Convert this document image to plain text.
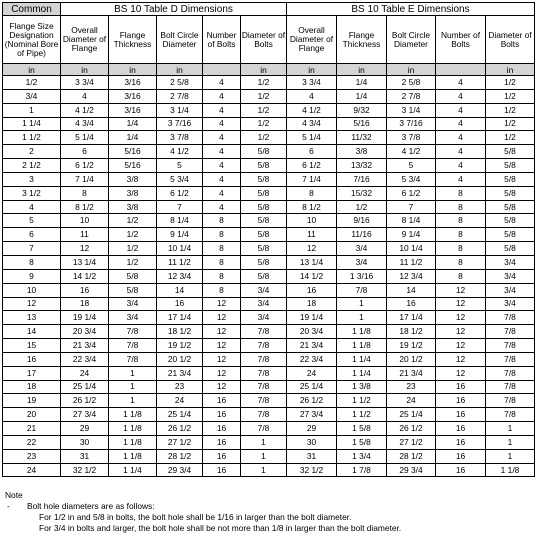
Common	BS 10 Table D Dimensions					BS 10 Table E Dimensions				
Flange Size Designation (Nominal Bore of Pipe)	Overall Diameter of Flange	Flange Thickness	Bolt Circle Diameter	Number of Bolts	Diameter of Bolts	Overall Diameter of Flange	Flange Thickness	Bolt Circle Diameter	Number of Bolts	Diameter of Bolts
in	in	in	in		in	in	in	in		in
1/2	3 3/4	3/16	2 5/8	4	1/2	3 3/4	1/4	2 5/8	4	1/2
3/4	4	3/16	2 7/8	4	1/2	4	1/4	2 7/8	4	1/2
1	4 1/2	3/16	3 1/4	4	1/2	4 1/2	9/32	3 1/4	4	1/2
1 1/4	4 3/4	1/4	3 7/16	4	1/2	4 3/4	5/16	3 7/16	4	1/2
1 1/2	5 1/4	1/4	3 7/8	4	1/2	5 1/4	11/32	3 7/8	4	1/2
2	6	5/16	4 1/2	4	5/8	6	3/8	4 1/2	4	5/8
2 1/2	6 1/2	5/16	5	4	5/8	6 1/2	13/32	5	4	5/8
3	7 1/4	3/8	5 3/4	4	5/8	7 1/4	7/16	5 3/4	4	5/8
3 1/2	8	3/8	6 1/2	4	5/8	8	15/32	6 1/2	8	5/8
4	8 1/2	3/8	7	4	5/8	8 1/2	1/2	7	8	5/8
5	10	1/2	8 1/4	8	5/8	10	9/16	8 1/4	8	5/8
6	11	1/2	9 1/4	8	5/8	11	11/16	9 1/4	8	5/8
7	12	1/2	10 1/4	8	5/8	12	3/4	10 1/4	8	5/8
8	13 1/4	1/2	11 1/2	8	5/8	13 1/4	3/4	11 1/2	8	3/4
9	14 1/2	5/8	12 3/4	8	5/8	14 1/2	1 3/16	12 3/4	8	3/4
10	16	5/8	14	8	3/4	16	7/8	14	12	3/4
12	18	3/4	16	12	3/4	18	1	16	12	3/4
13	19 1/4	3/4	17 1/4	12	3/4	19 1/4	1	17 1/4	12	7/8
14	20 3/4	7/8	18 1/2	12	7/8	20 3/4	1 1/8	18 1/2	12	7/8
15	21 3/4	7/8	19 1/2	12	7/8	21 3/4	1 1/8	19 1/2	12	7/8
16	22 3/4	7/8	20 1/2	12	7/8	22 3/4	1 1/4	20 1/2	12	7/8
17	24	1	21 3/4	12	7/8	24	1 1/4	21 3/4	12	7/8
18	25 1/4	1	23	12	7/8	25 1/4	1 3/8	23	16	7/8
19	26 1/2	1	24	16	7/8	26 1/2	1 1/2	24	16	7/8
20	27 3/4	1 1/8	25 1/4	16	7/8	27 3/4	1 1/2	25 1/4	16	7/8
21	29	1 1/8	26 1/2	16	7/8	29	1 5/8	26 1/2	16	1
22	30	1 1/8	27 1/2	16	1	30	1 5/8	27 1/2	16	1
23	31	1 1/8	28 1/2	16	1	31	1 3/4	28 1/2	16	1
24	32 1/2	1 1/4	29 3/4	16	1	32 1/2	1 7/8	29 3/4	16	1 1/8
Note
- Bolt hole diameters are as follows:
For 1/2 in and 5/8 in bolts, the bolt hole shall be 1/16 in larger than the bolt diameter.
For 3/4 in bolts and larger, the bolt hole shall be not more than 1/8 in larger than the bolt diameter.
